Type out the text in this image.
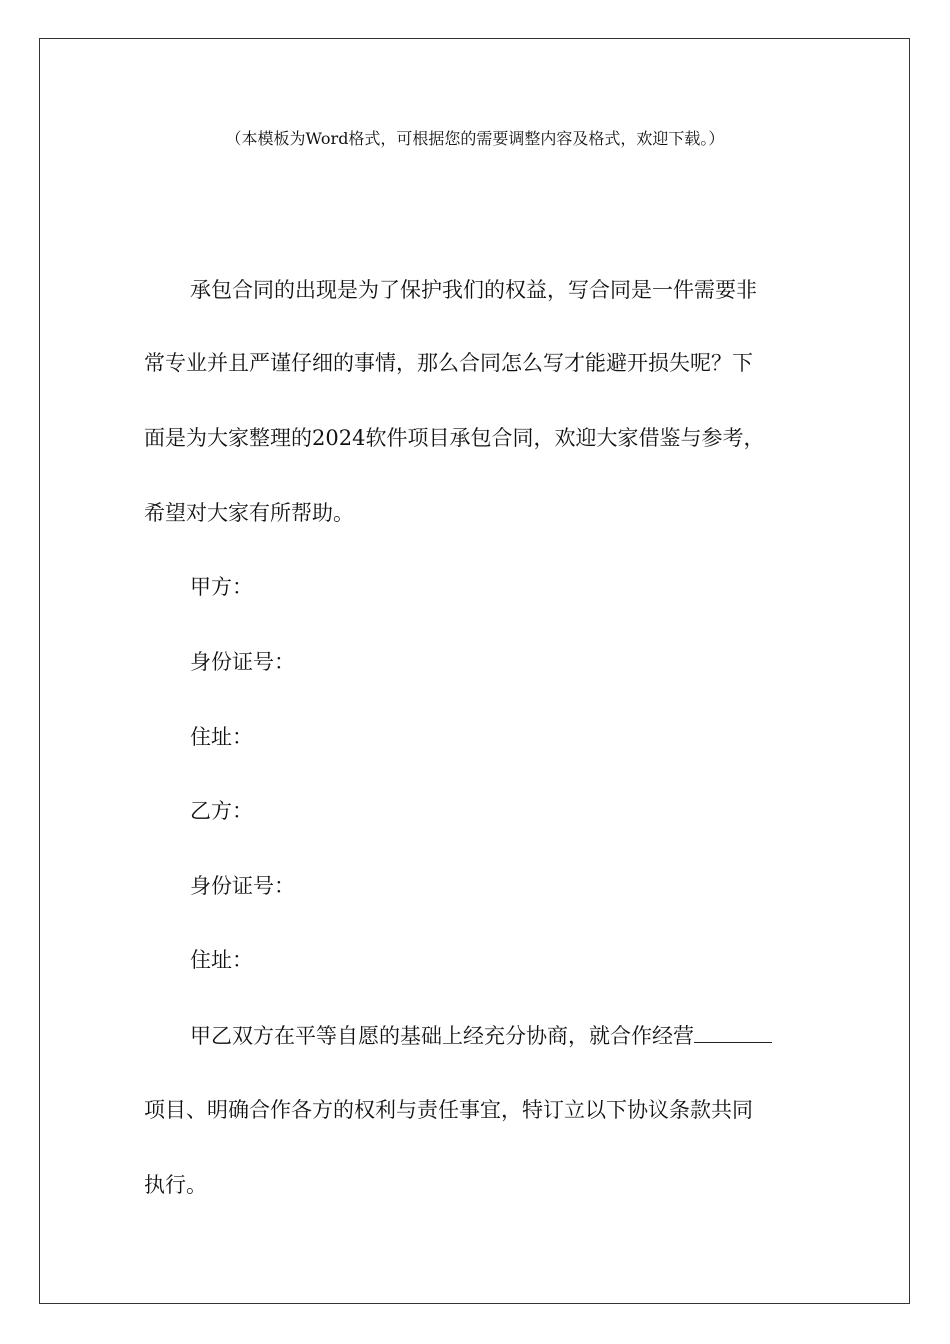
（本模板为Word格式，可根据您的需要调整内容及格式，欢迎下载。）
承包合同的出现是为了保护我们的权益，写合同是一件需要非
常专业并且严谨仔细的事情，那么合同怎么写才能避开损失呢？下
面是为大家整理的2024软件项目承包合同，欢迎大家借鉴与参考，
希望对大家有所帮助。
甲方：
身份证号：
住址：
乙方：
身份证号：
住址：
甲乙双方在平等自愿的基础上经充分协商，就合作经营
项目、明确合作各方的权利与责任事宜，特订立以下协议条款共同
执行。
